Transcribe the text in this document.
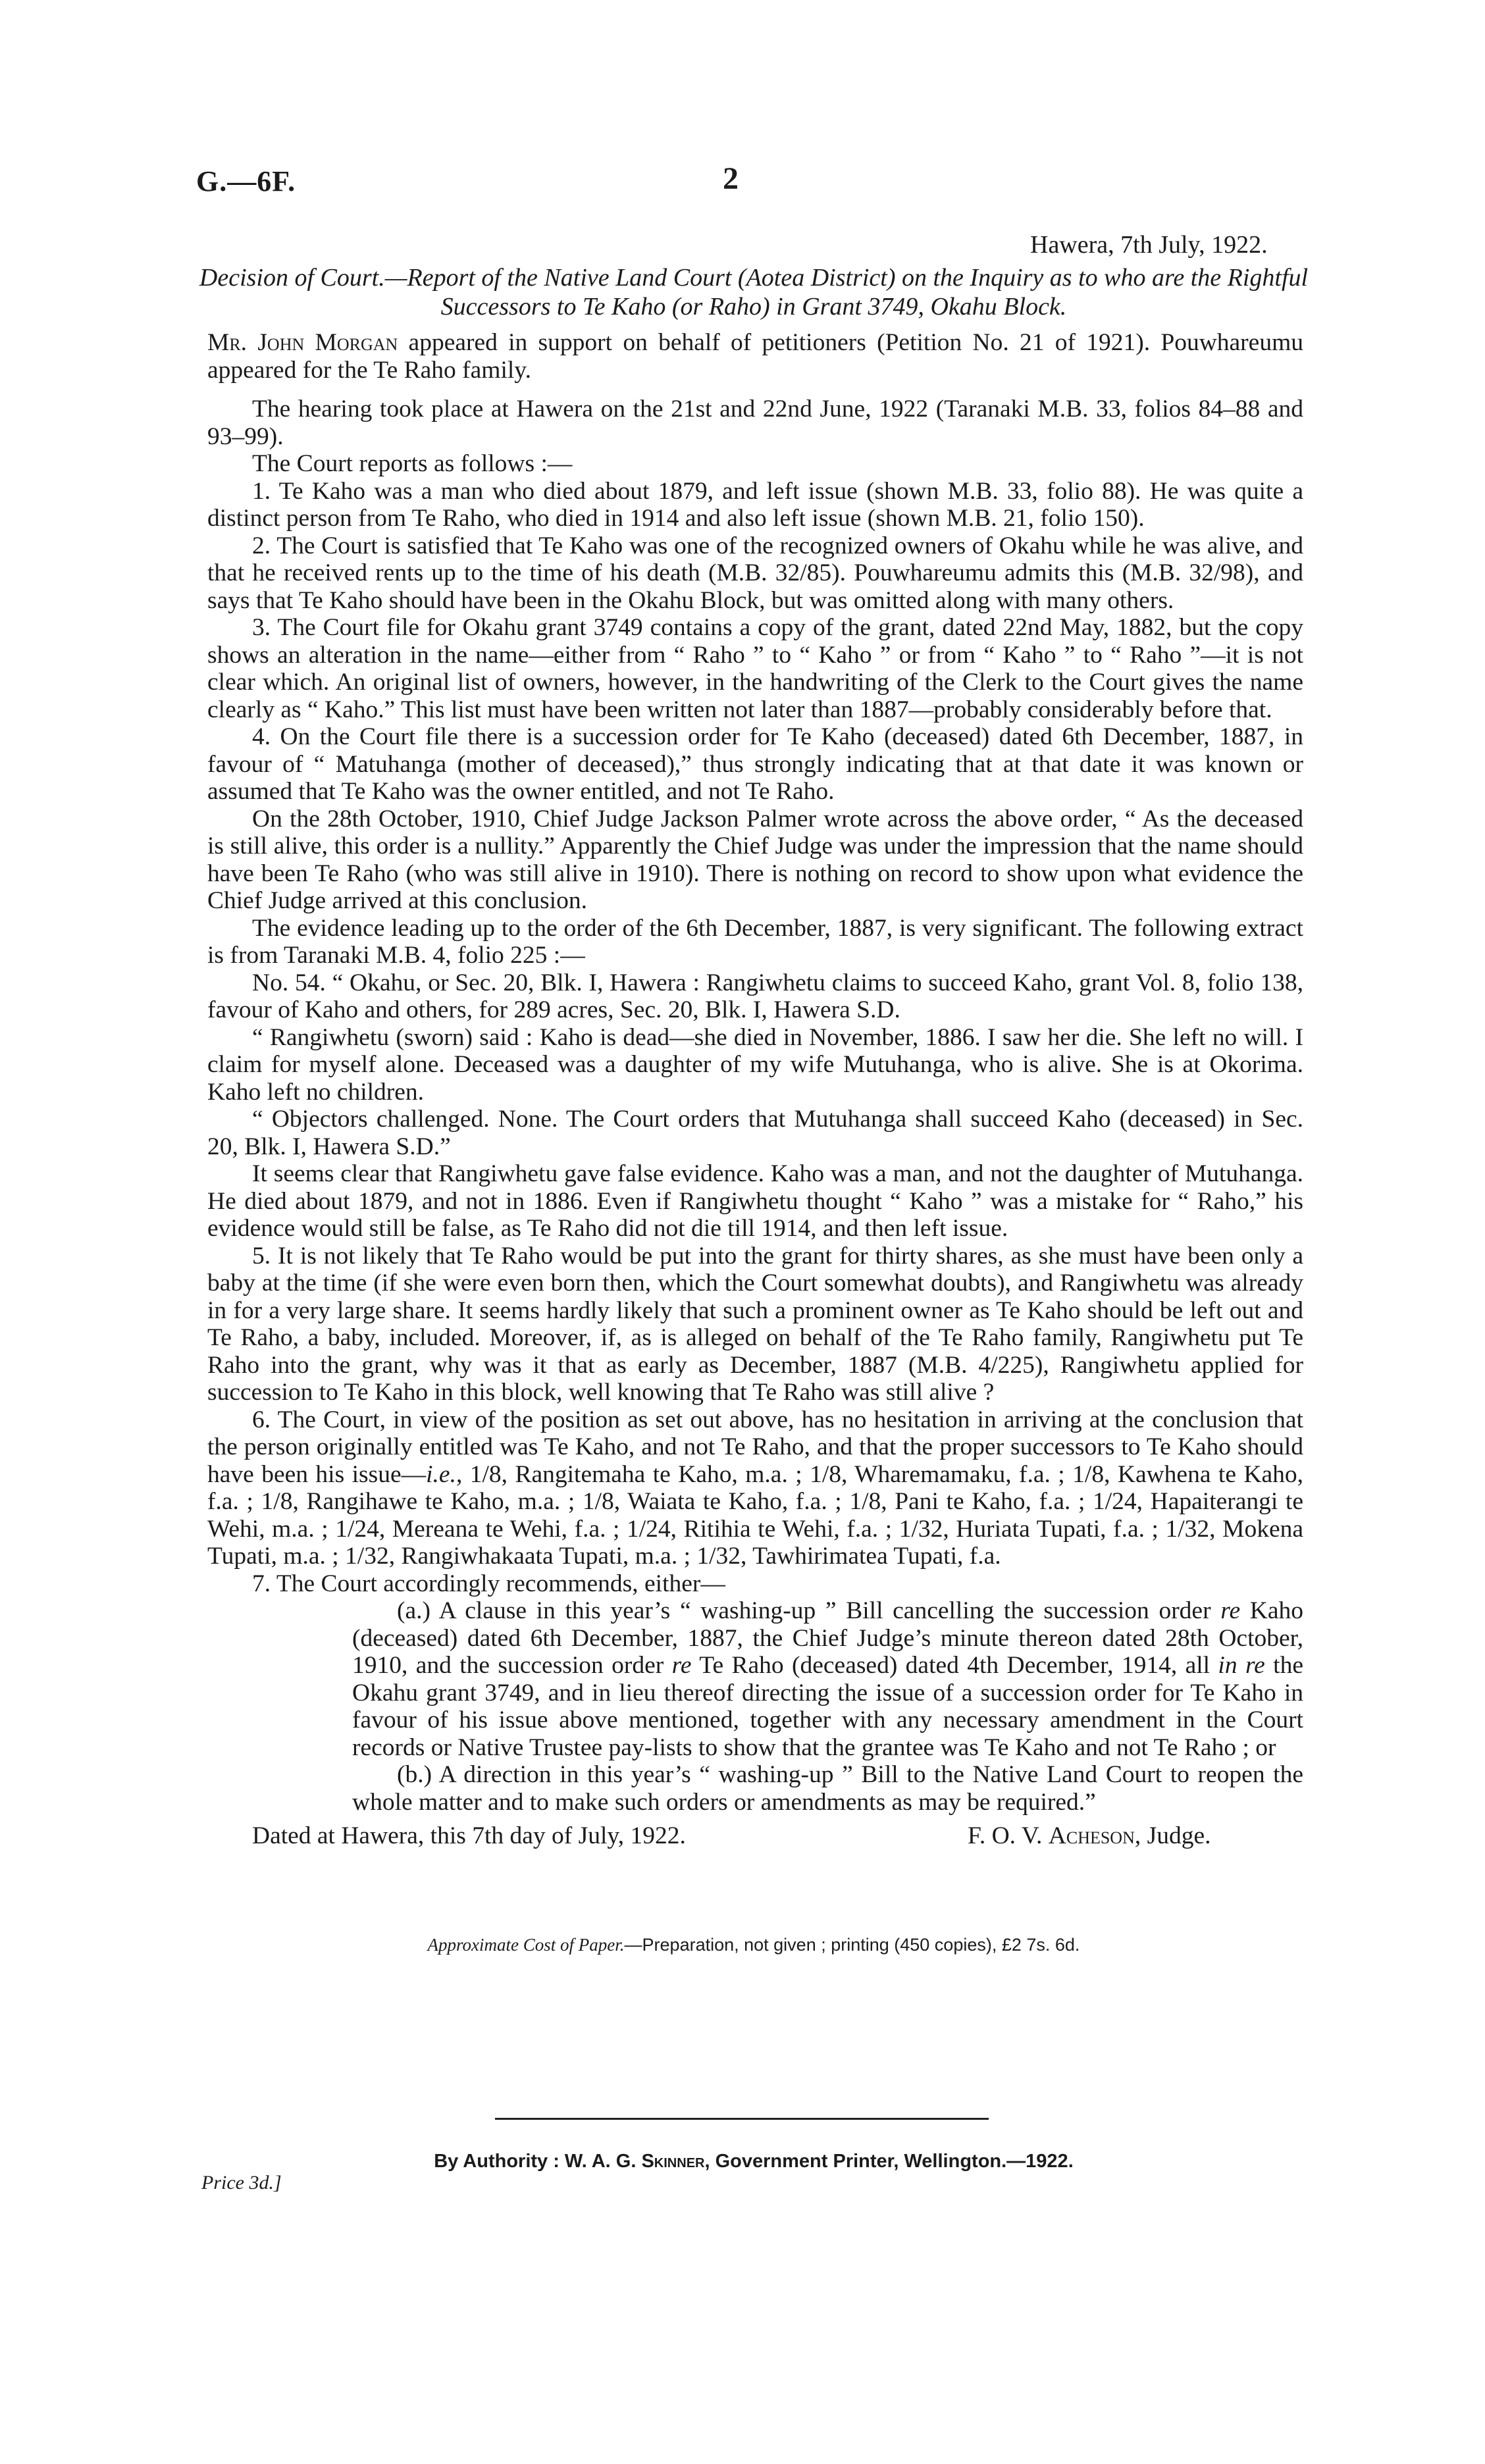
G.—6F.	2
Hawera, 7th July, 1922.
Decision of Court.—Report of the Native Land Court (Aotea District) on the Inquiry as to who are the Rightful Successors to Te Kaho (or Raho) in Grant 3749, Okahu Block.

Mr. John Morgan appeared in support on behalf of petitioners (Petition No. 21 of 1921). Pouwhareumu appeared for the Te Raho family.

The hearing took place at Hawera on the 21st and 22nd June, 1922 (Taranaki M.B. 33, folios 84–88 and 93–99).

The Court reports as follows :—

1. Te Kaho was a man who died about 1879, and left issue (shown M.B. 33, folio 88). He was quite a distinct person from Te Raho, who died in 1914 and also left issue (shown M.B. 21, folio 150).

2. The Court is satisfied that Te Kaho was one of the recognized owners of Okahu while he was alive, and that he received rents up to the time of his death (M.B. 32/85). Pouwhareumu admits this (M.B. 32/98), and says that Te Kaho should have been in the Okahu Block, but was omitted along with many others.

3. The Court file for Okahu grant 3749 contains a copy of the grant, dated 22nd May, 1882, but the copy shows an alteration in the name—either from “ Raho ” to “ Kaho ” or from “ Kaho ” to “ Raho ”—it is not clear which. An original list of owners, however, in the handwriting of the Clerk to the Court gives the name clearly as “ Kaho.” This list must have been written not later than 1887—probably considerably before that.

4. On the Court file there is a succession order for Te Kaho (deceased) dated 6th December, 1887, in favour of “ Matuhanga (mother of deceased),” thus strongly indicating that at that date it was known or assumed that Te Kaho was the owner entitled, and not Te Raho.

On the 28th October, 1910, Chief Judge Jackson Palmer wrote across the above order, “ As the deceased is still alive, this order is a nullity.” Apparently the Chief Judge was under the impression that the name should have been Te Raho (who was still alive in 1910). There is nothing on record to show upon what evidence the Chief Judge arrived at this conclusion.

The evidence leading up to the order of the 6th December, 1887, is very significant. The following extract is from Taranaki M.B. 4, folio 225 :—

No. 54. “ Okahu, or Sec. 20, Blk. I, Hawera : Rangiwhetu claims to succeed Kaho, grant Vol. 8, folio 138, favour of Kaho and others, for 289 acres, Sec. 20, Blk. I, Hawera S.D.

“ Rangiwhetu (sworn) said : Kaho is dead—she died in November, 1886. I saw her die. She left no will. I claim for myself alone. Deceased was a daughter of my wife Mutuhanga, who is alive. She is at Okorima. Kaho left no children.

“ Objectors challenged. None. The Court orders that Mutuhanga shall succeed Kaho (deceased) in Sec. 20, Blk. I, Hawera S.D.”

It seems clear that Rangiwhetu gave false evidence. Kaho was a man, and not the daughter of Mutuhanga. He died about 1879, and not in 1886. Even if Rangiwhetu thought “ Kaho ” was a mistake for “ Raho,” his evidence would still be false, as Te Raho did not die till 1914, and then left issue.

5. It is not likely that Te Raho would be put into the grant for thirty shares, as she must have been only a baby at the time (if she were even born then, which the Court somewhat doubts), and Rangiwhetu was already in for a very large share. It seems hardly likely that such a prominent owner as Te Kaho should be left out and Te Raho, a baby, included. Moreover, if, as is alleged on behalf of the Te Raho family, Rangiwhetu put Te Raho into the grant, why was it that as early as December, 1887 (M.B. 4/225), Rangiwhetu applied for succession to Te Kaho in this block, well knowing that Te Raho was still alive ?

6. The Court, in view of the position as set out above, has no hesitation in arriving at the conclusion that the person originally entitled was Te Kaho, and not Te Raho, and that the proper successors to Te Kaho should have been his issue—i.e., 1/8, Rangitemaha te Kaho, m.a. ; 1/8, Wharemamaku, f.a. ; 1/8, Kawhena te Kaho, f.a. ; 1/8, Rangihawe te Kaho, m.a. ; 1/8, Waiata te Kaho, f.a. ; 1/8, Pani te Kaho, f.a. ; 1/24, Hapaiterangi te Wehi, m.a. ; 1/24, Mereana te Wehi, f.a. ; 1/24, Ritihia te Wehi, f.a. ; 1/32, Huriata Tupati, f.a. ; 1/32, Mokena Tupati, m.a. ; 1/32, Rangiwhakaata Tupati, m.a. ; 1/32, Tawhirimatea Tupati, f.a.

7. The Court accordingly recommends, either—

(a.) A clause in this year’s “ washing-up ” Bill cancelling the succession order re Kaho (deceased) dated 6th December, 1887, the Chief Judge’s minute thereon dated 28th October, 1910, and the succession order re Te Raho (deceased) dated 4th December, 1914, all in re the Okahu grant 3749, and in lieu thereof directing the issue of a succession order for Te Kaho in favour of his issue above mentioned, together with any necessary amendment in the Court records or Native Trustee pay-lists to show that the grantee was Te Kaho and not Te Raho ; or

(b.) A direction in this year’s “ washing-up ” Bill to the Native Land Court to reopen the whole matter and to make such orders or amendments as may be required.”

Dated at Hawera, this 7th day of July, 1922.	F. O. V. Acheson, Judge.
Approximate Cost of Paper.—Preparation, not given ; printing (450 copies), £2 7s. 6d.
By Authority : W. A. G. Skinner, Government Printer, Wellington.—1922.
Price 3d.]
